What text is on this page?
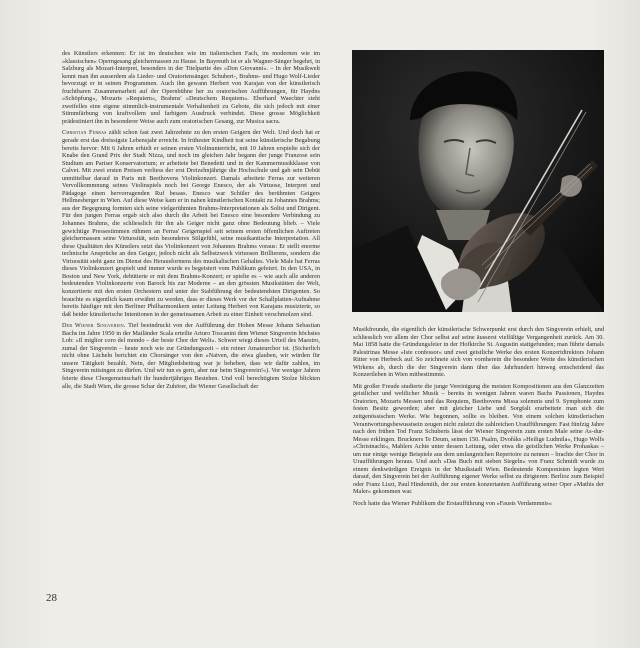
des Künstlers erkennen: Er ist im deutschen wie im italienischen Fach, im modernen wie im »klassischen« Operngesang gleichermassen zu Hause. In Bayreuth ist er als Wagner-Sänger begehrt, in Salzburg als Mozart-Interpret, besonders in der Titelpartie des »Don Giovanni«. – In der Musikwelt kennt man ihn ausserdem als Lieder- und Oratoriensänger. Schubert-, Brahms- und Hugo Wolf-Lieder bevorzugt er in seinen Programmen. Auch ihn gewann Herbert von Karajan von der künstlerisch fruchtbaren Zusammenarbeit auf der Opernbühne her zu oratorischen Aufführungen, für Haydns »Schöpfung«, Mozarts »Requiem«, Brahms' »Deutschem Requiem«. Eberhard Waechter steht zweifelles eine eigene stimmlich-instrumentale Verhaltenheit zu Gebote, die sich jedoch mit einer Stimmfärbung von kraftvollem und farbigem Ausdruck verbindet. Diese grosse Möglichkeit prädestiniert ihn in besonderer Weise auch zum oratorischen Gesang, zur Musica sacra.

Christian Ferras zählt schon fast zwei Jahrzehnte zu den ersten Geigern der Welt. Und doch hat er gerade erst das dreissigste Lebensjahr erreicht. In frühester Kindheit trat seine künstlerische Begabung bereits hervor: Mit 6 Jahren erhielt er seinen ersten Violinunterricht, mit 10 Jahren erspielte sich der Knabe den Grand Prix der Stadt Nizza, und noch im gleichen Jahr begann der junge Franzose sein Studium am Pariser Konservatorium; er arbeitete bei Benedetti und in der Kammermusikklasse von Calvet. Mit zwei ersten Preisen verliess der erst Dreizehnjährige die Hochschule und gab sein Debüt unmittelbar darauf in Paris mit Beethovens Violinkonzert. Damals arbeitete Ferras zur weiteren Vervollkommnung seines Violinspiels noch bei George Enesco, der als Virtuose, Interpret und Pädagoge einen hervorragenden Ruf besass. Enesco war Schüler des berühmten Geigers Hellmesberger in Wien. Auf diese Weise kam er in nahen künstlerischen Kontakt zu Johannes Brahms; aus der Begegnung formten sich seine vielgerühmten Brahms-Interpretationen als Solist und Dirigent. Für den jungen Ferras ergab sich also durch die Arbeit bei Enesco eine besondere Verbindung zu Johannes Brahms, die schliesslich für ihn als Geiger nicht ganz ohne Bedeutung blieb. – Viele gewichtige Pressestimmen rühmen an Ferras' Geigenspiel seit seinem ersten öffentlichen Auftreten gleichermassen seine Virtuosität, sein besonderes Stilgefühl, seine musikantische Interpretation. All diese Qualitäten des Künstlers setzt das Violinkonzert von Johannes Brahms voraus: Er stellt enorme technische Ansprüche an den Geiger, jedoch nicht als Selbstzweck virtuosen Brillierens, sondern die Virtuosität steht ganz im Dienst des Herausformens des musikalischen Gehaltes. Viele Male hat Ferras dieses Violinkonzert gespielt und immer wurde es begeistert vom Publikum gefeiert. In den USA, in Boston und New York, debütierte er mit dem Brahms-Konzert; er spielte es – wie auch alle anderen bedeutenden Violinkonzerte von Barock bis zur Moderne – an den grössten Musikstätten der Welt, konzertierte mit den ersten Orchestern und unter der Stabführung der bedeutendsten Dirigenten. So brauchte es eigentlich kaum erwähnt zu werden, dass er dieses Werk vor der Schallplatten-Aufnahme bereits häufiger mit den Berliner Philharmonikern unter Leitung Herbert von Karajans musizierte, so daß beider künstlerische Intentionen in der gemeinsamen Arbeit zu einer Einheit verschmolzen sind.

Der Wiener Singverein. Tief beeindruckt von der Aufführung der Hohen Messe Johann Sebastian Bachs im Jahre 1950 in der Mailänder Scala erteilte Arturo Toscanini dem Wiener Singverein höchstes Lob: »Il miglior coro del mondo – der beste Chor der Welt«. Schwer wiegt dieses Urteil des Maestro, zumal der Singverein – heute noch wie zur Gründungszeit – ein reiner Amateurchor ist. (Sicherlich nicht ohne Lächeln berichtet ein Chorsänger von den »Naiven, die etwa glauben, wir würden für unsere Tätigkeit bezahlt. Nein, der Mitgliedsbeitrag war je beheben, dass wir dafür zahlen, im Singverein mitsingen zu dürfen. Und wir tun es gern, aber nur beim Singverein!«). Vor weniger Jahren feierte diese Chorgemeinschaft ihr hundertjähriges Bestehen. Und voll berechtigtem Stolze blickten alle, die Stadt Wien, die grosse Schar der Zuhörer, die Wiener Gesellschaft der

Musikfreunde, die eigentlich der künstlerische Schwerpunkt erst durch den Singverein erhielt, und schliesslich vor allem der Chor selbst auf seine äusserst vielfältige Vergangenheit zurück. Am 30. Mai 1858 hatte die Gründungsfeier in der Hofkirche St. Augustin stattgefunden; man führte damals Palestrinas Messe »Iste confessor« und zwei geistliche Werke des ersten Konzertdirektors Johann Ritter von Herbeck auf. So zeichnete sich von vornherein die besondere Weite des künstlerischen Wirkens ab, durch die der Singverein dann über das Jahrhundert hinweg entscheidend das Konzertleben in Wien mitbestimmte.

Mit großer Freude studierte die junge Vereinigung die meisten Kompositionen aus den Glanzzeiten geistlicher und weltlicher Musik – bereits in wenigen Jahren waren Bachs Passionen, Haydns Oratorien, Mozarts Messen und das Requiem, Beethovens Missa solemnis und 9. Symphonie zum festen Besitz geworden; aber mit gleicher Liebe und Sorgfalt erarbeitete man sich die zeitgenössischen Werke. Wie begonnen, sollte es bleiben. Von einem solchen künstlerischen Verantwortungsbewusstsein zeugen nicht zuletzt die zahlreichen Uraufführungen: Fast fünfzig Jahre nach den frühen Tod Franz Schuberts lässt der Wiener Singverein zum ersten Male seine As-dur-Messe erklingen. Bruckners Te Deum, seinen 150. Psalm, Dvořáks »Heilige Ludmila«, Hugo Wolfs »Christnacht«, Mahlers Achte unter dessen Leitung, oder etwa die geistlichen Werke Prohaskas – um nur einige wenige Beispiele aus dem umfangreichen Repertoire zu nennen – brachte der Chor in Uraufführungen heraus. Und auch »Das Buch mit sieben Siegeln« von Franz Schmidt wurde zu einem denkwürdigen Ereignis in der Musikstadt Wien. Bedeutende Komponisten legten Wert darauf, den Singverein bei der Aufführung eigener Werke selbst zu dirigieren: Berlioz zum Beispiel oder Franz Liszt, Paul Hindemith, der zur ersten konzertanten Aufführung seiner Oper »Mathis der Maler« gekommen war.

Noch hatte das Wiener Publikum die Erstaufführung von »Fausts Verdammnis«

28
